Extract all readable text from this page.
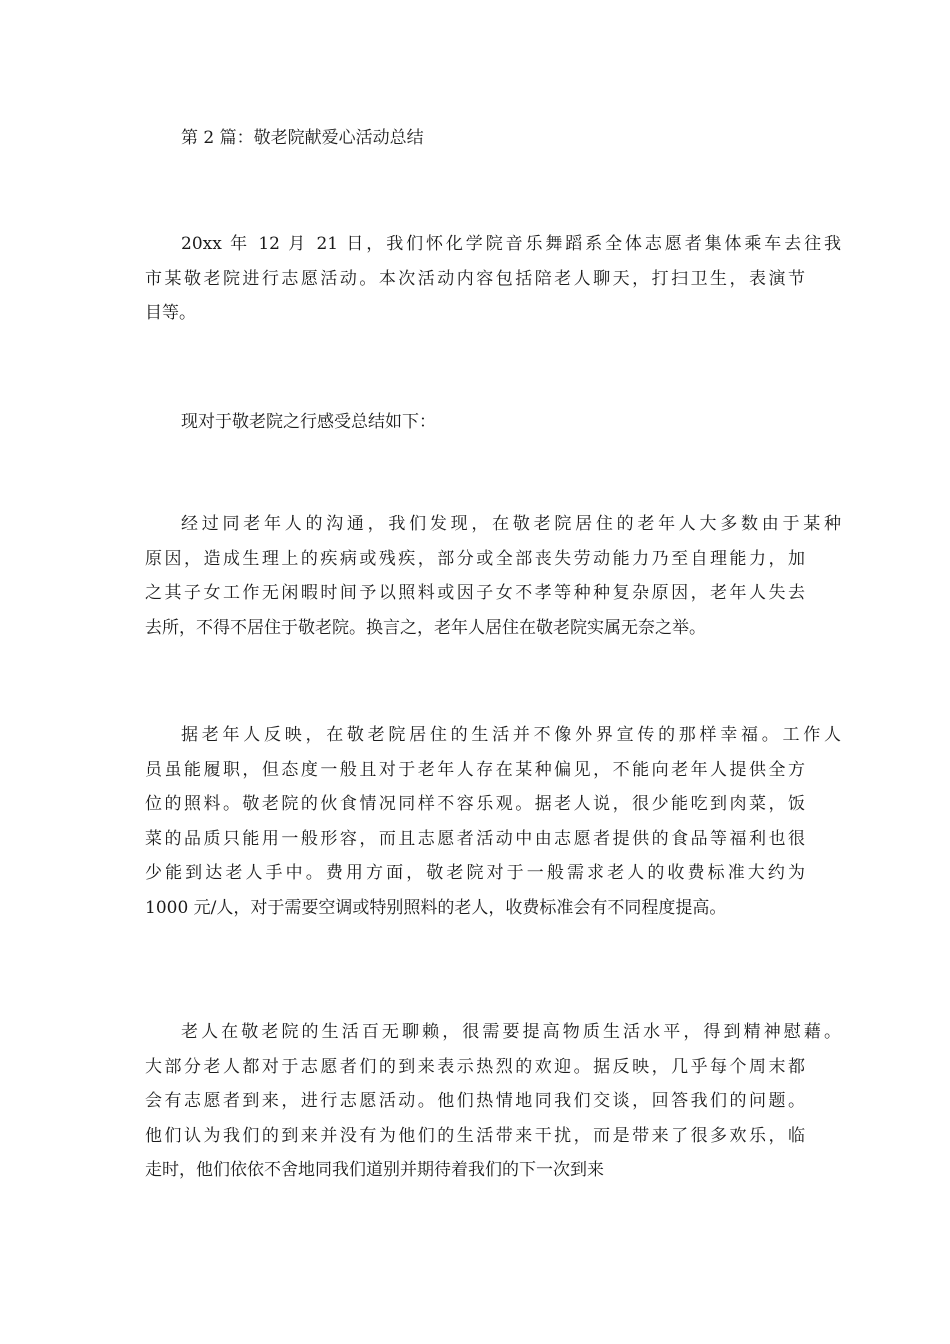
第 2 篇：敬老院献爱心活动总结
20xx 年 12 月 21 日，我们怀化学院音乐舞蹈系全体志愿者集体乘车去往我
市某敬老院进行志愿活动。本次活动内容包括陪老人聊天，打扫卫生，表演节
目等。
现对于敬老院之行感受总结如下：
经过同老年人的沟通，我们发现，在敬老院居住的老年人大多数由于某种
原因，造成生理上的疾病或残疾，部分或全部丧失劳动能力乃至自理能力，加
之其子女工作无闲暇时间予以照料或因子女不孝等种种复杂原因，老年人失去
去所，不得不居住于敬老院。换言之，老年人居住在敬老院实属无奈之举。
据老年人反映，在敬老院居住的生活并不像外界宣传的那样幸福。工作人
员虽能履职，但态度一般且对于老年人存在某种偏见，不能向老年人提供全方
位的照料。敬老院的伙食情况同样不容乐观。据老人说，很少能吃到肉菜，饭
菜的品质只能用一般形容，而且志愿者活动中由志愿者提供的食品等福利也很
少能到达老人手中。费用方面，敬老院对于一般需求老人的收费标准大约为
1000 元/人，对于需要空调或特别照料的老人，收费标准会有不同程度提高。
老人在敬老院的生活百无聊赖，很需要提高物质生活水平，得到精神慰藉。
大部分老人都对于志愿者们的到来表示热烈的欢迎。据反映，几乎每个周末都
会有志愿者到来，进行志愿活动。他们热情地同我们交谈，回答我们的问题。
他们认为我们的到来并没有为他们的生活带来干扰，而是带来了很多欢乐，临
走时，他们依依不舍地同我们道别并期待着我们的下一次到来
